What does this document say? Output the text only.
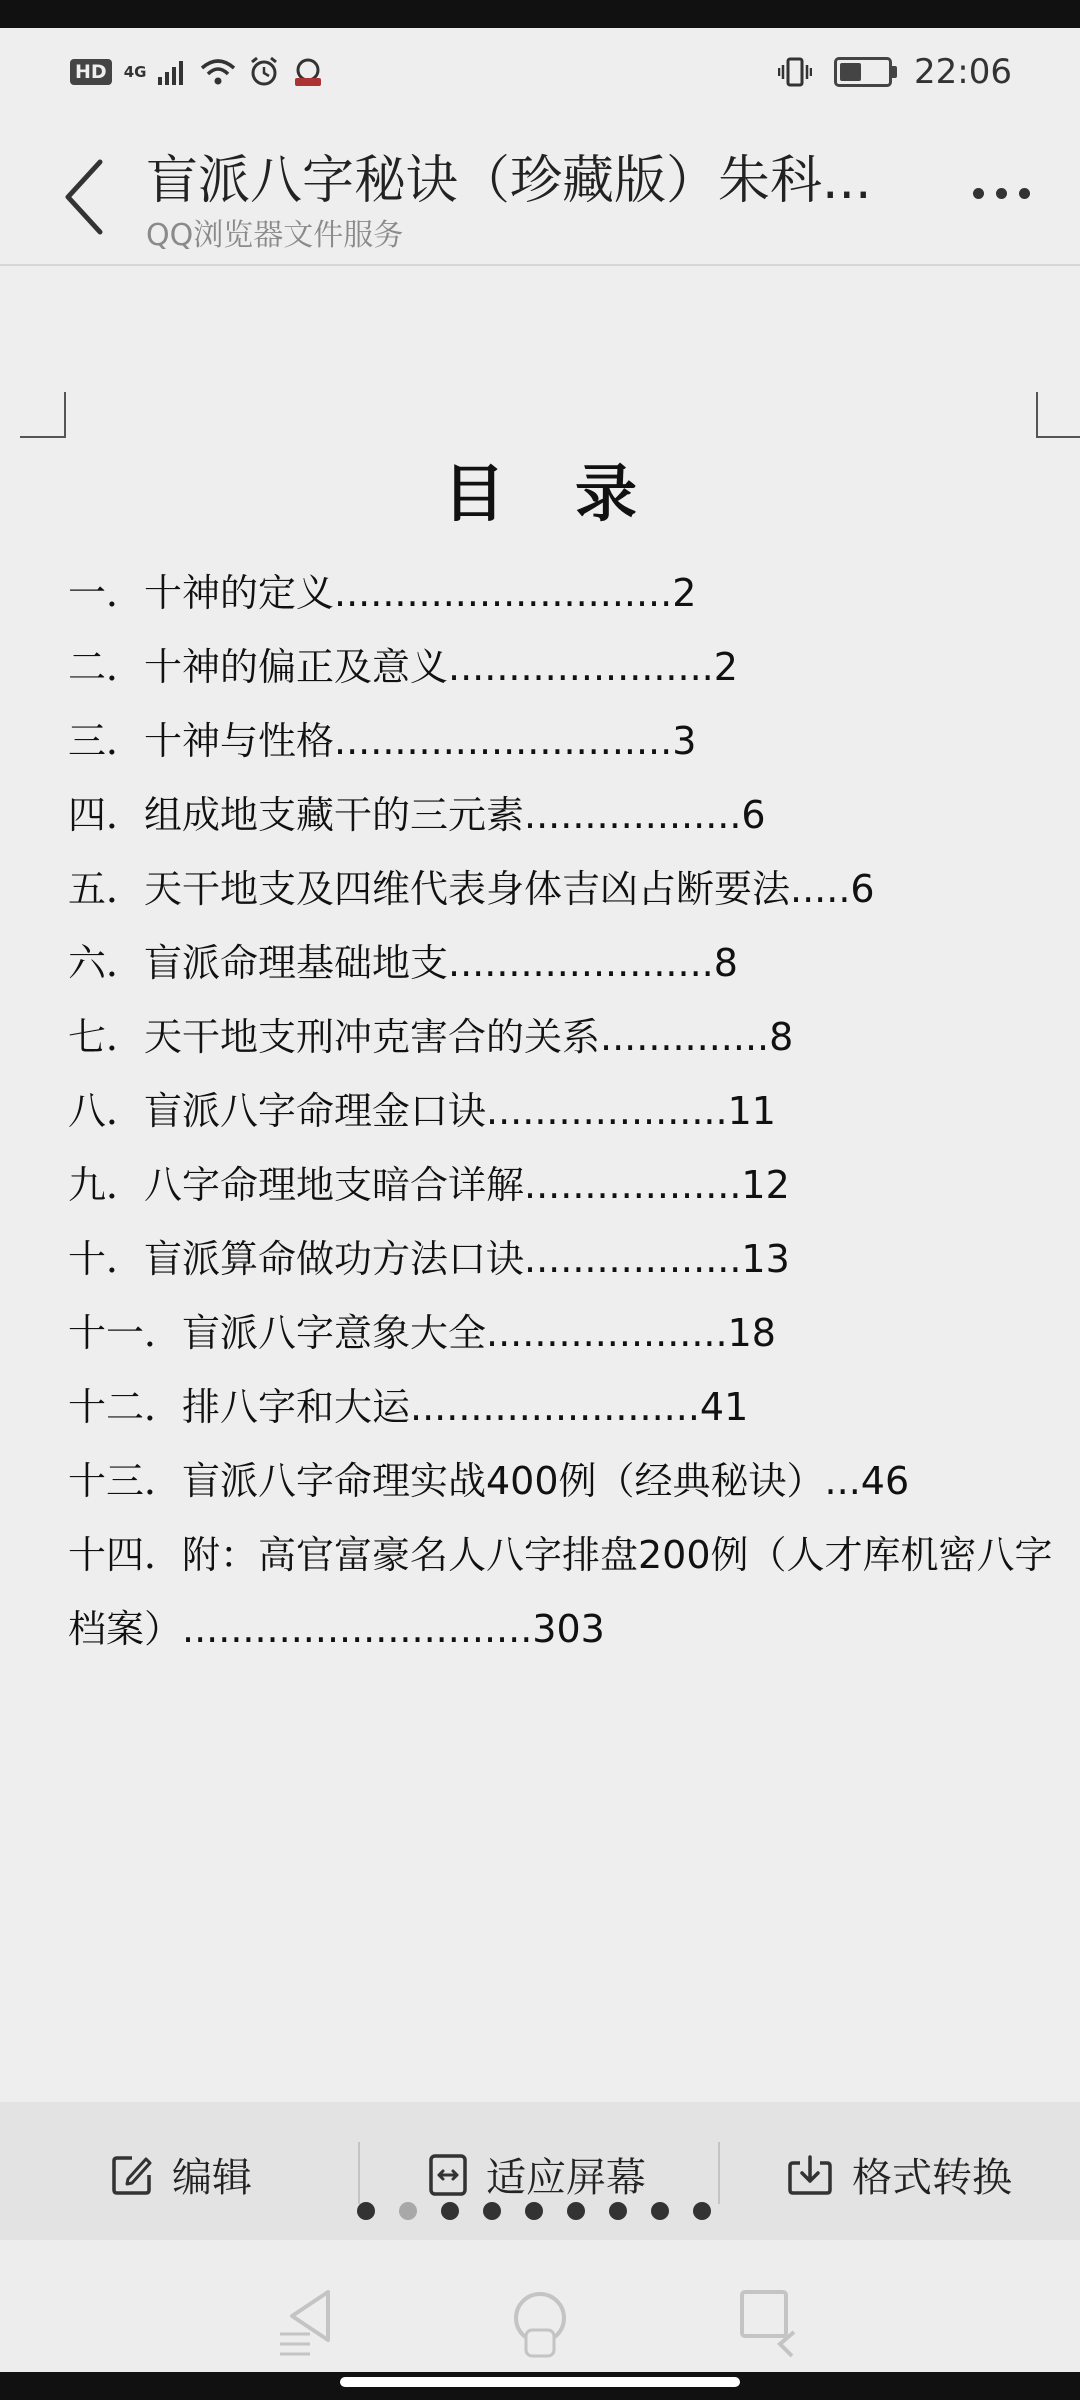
HD	4G	22:06
盲派八字秘诀（珍藏版）朱科...
QQ浏览器文件服务
目录
一．十神的定义............................2
二．十神的偏正及意义......................2
三．十神与性格............................3
四．组成地支藏干的三元素..................6
五．天干地支及四维代表身体吉凶占断要法.....6
六．盲派命理基础地支......................8
七．天干地支刑冲克害合的关系..............8
八．盲派八字命理金口诀....................11
九．八字命理地支暗合详解..................12
十．盲派算命做功方法口诀..................13
十一．盲派八字意象大全....................18
十二．排八字和大运........................41
十三．盲派八字命理实战400例（经典秘诀）...46
十四．附：高官富豪名人八字排盘200例（人才库机密八字档案）.............................303
编辑	适应屏幕	格式转换
